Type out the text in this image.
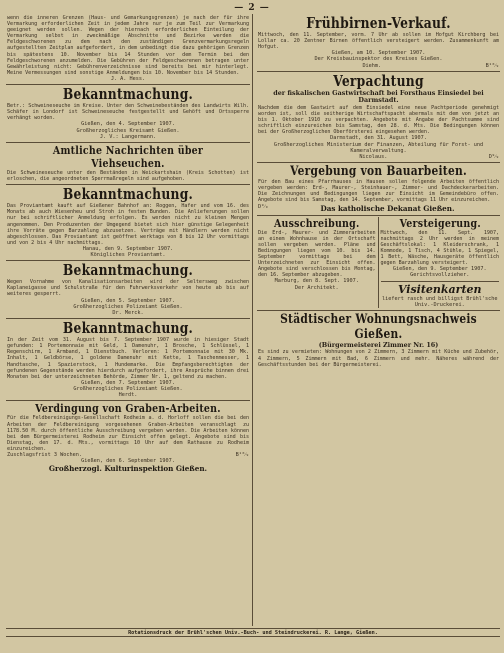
— 2 —
wenn die inneren Grenzen (Haus- und Gemarkungsgrenzen) je nach der für ihre Vermarkung erforderlichen Zeit in jedem Jahre nur je zum Teil zur Vermarkung geeignet werden sollen. Wegen der hiernach erforderlichen Einteilung der Vermarkung selbst in zweckmäßige Abschnitte und Bezirke werden die Feldgeschworenen zu dem nach den zuständigen Grenzvermarkungsregeln aufgestellten Zeitplan aufgefordert, in dem unbedingt die dazu gehörigen Grenzen bis spätestens 10. November bis 14 Stunden vor dem Termin bei den Feldgeschworenen anzumelden. Die Gebühren der Feldgeschworenen betragen unter Gewährleistung nicht: Gebührenverzeichnisse sind bereits bei mir hinterlegt. Meine Vermessungen sind sonstige Anmeldungen bis 10. November bis 14 Stunden.
J. A. Hess.
Bekanntmachung.
Betr.: Schweineseuche im Kreise. Unter den Schweinebeständen des Landwirts Wilh. Schäfer in Londorf ist Schweineseuche festgestellt und Gehöft und Ortssperre verhängt worden.
Gießen, den 4. September 1907.
Großherzogliches Kreisamt Gießen.
J. V.: Langermann.
Amtliche Nachrichten über Viehseuchen.
Die Schweineseuche unter den Beständen in Weickartshain (Kreis Schotten) ist erloschen, die angeordneten Sperrmaßregeln sind aufgehoben.
Bekanntmachung.
Das Proviantamt kauft auf Gießener Bahnhof an: Roggen, Hafer und vom 16. des Monats ab auch Wiesenheu und Stroh in festen Bunden. Die Anlieferungen sollen nur bei schriftlicher Anmeldung erfolgen. Es werden nicht zu kleinen Mengen angenommen. Den Produzenten der Umgegend bietet sich hier günstige Gelegenheit ihre Vorräte gegen Barzahlung abzusetzen. Verträge mit Händlern werden nicht abgeschlossen. Das Proviantamt ist geöffnet werktags von 8 bis 12 Uhr vormittags und von 2 bis 4 Uhr nachmittags.
Hanau, den 9. September 1907.
Königliches Proviantamt.
Bekanntmachung.
Wegen Vornahme von Kanalisationsarbeiten wird der Seltersweg zwischen Kaplaneigasse und Schulstraße für den Fuhrwerksverkehr von heute ab bis auf weiteres gesperrt.
Gießen, den 5. September 1907.
Großherzogliches Polizeiamt Gießen.
Dr. Merck.
Bekanntmachung.
In der Zeit vom 31. August bis 7. September 1907 wurde in hiesiger Stadt gefunden: 1 Portemonnaie mit Geld, 1 Damenuhr, 1 Brosche, 1 Schlüssel, 1 Regenschirm, 1 Armband, 1 Dienstbuch. Verloren: 1 Portemonnaie mit 30 Mk. Inhalt, 1 Geldbörse, 1 goldene Damenuhr mit Kette, 1 Taschenmesser, 1 Handtasche, 1 Spazierstock, 1 Hundemarke. Die Empfangsberechtigten der gefundenen Gegenstände werden hierdurch aufgefordert, ihre Ansprüche binnen drei Monaten bei der unterzeichneten Behörde, Zimmer Nr. 1, geltend zu machen.
Gießen, den 7. September 1907.
Großherzogliches Polizeiamt Gießen.
Herdt.
Verdingung von Graben-Arbeiten.
Für die Feldbereinigungs-Gesellschaft Rodheim a. d. Horloff sollen die bei den Arbeiten der Feldbereinigung vorgesehenen Graben-Arbeiten veranschlagt zu 1178.50 M. durch öffentliche Ausschreibung vergeben werden. Die Arbeiten können bei dem Bürgermeisterei Rodheim zur Einsicht offen gelegt. Angebote sind bis Dienstag, den 17. d. Mts., vormittags 10 Uhr auf dem Rathause zu Rodheim einzureichen.
Zuschlagsfrist 3 Wochen.	B¹⁰⁄₉
Gießen, den 6. September 1907.
Großherzogl. Kulturinspektion Gießen.
Frühbirnen-Verkauf.
Mittwoch, den 11. September, vorm. 7 Uhr ab sollen im Hofgut Kirchberg bei Lollar ca. 20 Zentner Birnen öffentlich versteigert werden. Zusammenkunft am Hofgut.
Gießen, am 10. September 1907.
Der Kreisbauinspektor des Kreises Gießen.
Diehm.	B¹⁰⁄₉
Verpachtung
der fiskalischen Gastwirtschaft bei Forsthaus Einsiedel bei Darmstadt.
Nachdem die dem Gastwirt auf dem Einsiedel eine neue Pachtperiode genehmigt worden ist, soll die seitherige Wirtschaftspacht abermals mit dem von jetzt an bis 1. Oktober 1910 zu verpachten. Angebote mit Angabe der Pachtsumme sind schriftlich einzureichen bis Samstag, den 28. d. Mts. Die Bedingungen können bei der Großherzoglichen Oberförsterei eingesehen werden.
Darmstadt, den 31. August 1907.
Großherzogliches Ministerium der Finanzen, Abteilung für Forst- und Kameralverwaltung.
Nicolaus.	D⁹⁄₉
Vergebung von Bauarbeiten.
Für den Bau eines Pfarrhauses in Hausen sollen folgende Arbeiten öffentlich vergeben werden: Erd-, Maurer-, Steinhauer-, Zimmer- und Dachdeckerarbeiten. Die Zeichnungen und Bedingungen liegen zur Einsicht im Gemeindebüro offen. Angebote sind bis Samstag, den 14. September, vormittags 11 Uhr einzureichen.
D⁹⁄₉	Das katholische Dekanat Gießen.
Ausschreibung.
Die Erd-, Maurer- und Zimmerarbeiten an einem Wohnhause in der Ortschaft sollen vergeben werden. Pläne und Bedingungen liegen vom 10. bis 14. September vormittags bei dem Unterzeichneten zur Einsicht offen. Angebote sind verschlossen bis Montag, den 16. September abzugeben.
Marburg, den 8. Sept. 1907.
Der Architekt.
Versteigerung.
Mittwoch, den 11. Sept. 1907, nachmittags 2 Uhr werden in meinem Geschäftslokal: 1 Kleiderschrank, 1 Kommode, 1 Tisch, 4 Stühle, 1 Spiegel, 1 Bett, Wäsche, Hausgeräte öffentlich gegen Barzahlung versteigert.
Gießen, den 9. September 1907.
Gerichtsvollzieher.
Visitenkarten
liefert rasch und billigst Brühl'sche Univ.-Druckerei.
Städtischer Wohnungsnachweis Gießen.
(Bürgermeisterei Zimmer Nr. 16)
Es sind zu vermieten: Wohnungen von 2 Zimmern, 3 Zimmern mit Küche und Zubehör, 4 Zimmern, 5 Zimmern mit Bad, 6 Zimmern und mehr. Näheres während der Geschäftsstunden bei der Bürgermeisterei.
Rotationsdruck der Brühl'schen Univ.-Buch- und Steindruckerei. R. Lange, Gießen.
